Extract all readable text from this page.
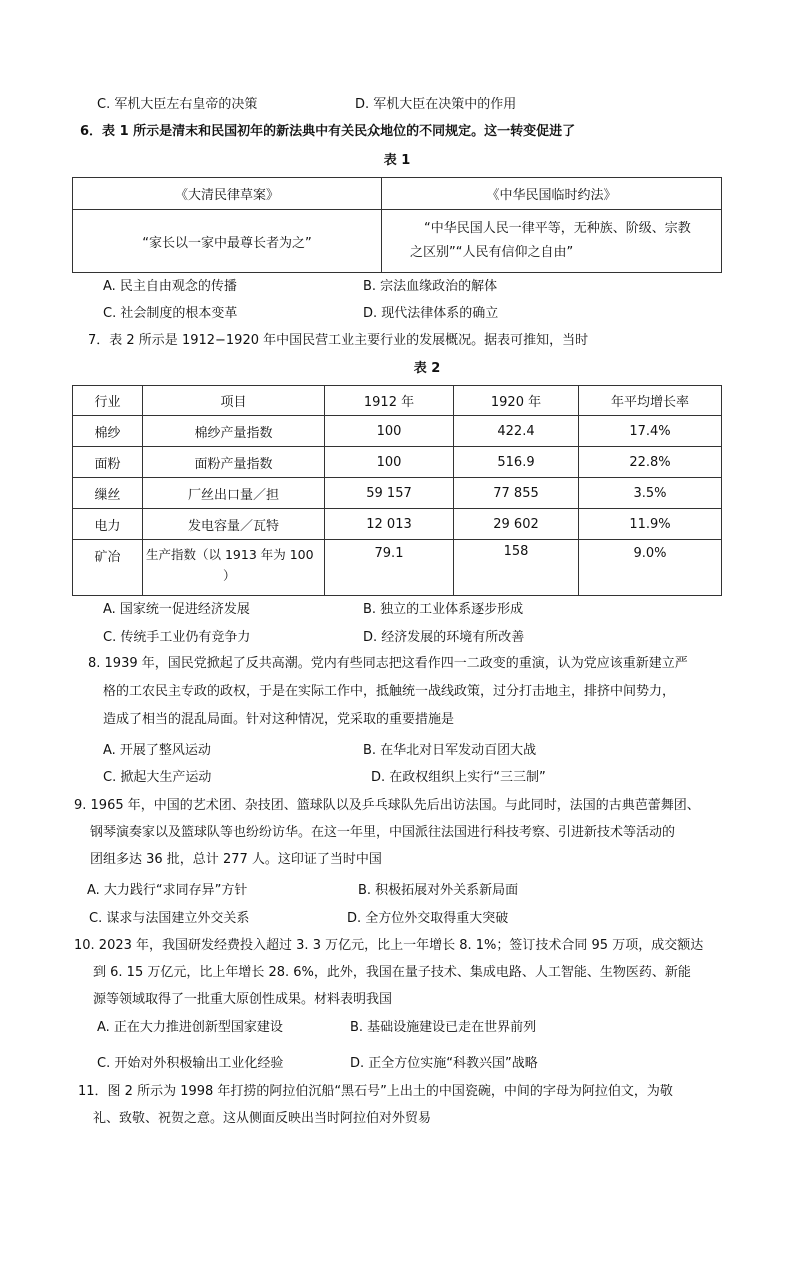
C. 军机大臣左右皇帝的决策	D. 军机大臣在决策中的作用
6．表 1 所示是清末和民国初年的新法典中有关民众地位的不同规定。这一转变促进了
表 1
《大清民律草案》	《中华民国临时约法》
“家长以一家中最尊长者为之”	“中华民国人民一律平等，无种族、阶级、宗教
之区别”“人民有信仰之自由”
A. 民主自由观念的传播	B. 宗法血缘政治的解体
C. 社会制度的根本变革	D. 现代法律体系的确立
7．表 2 所示是 1912−1920 年中国民营工业主要行业的发展概况。据表可推知，当时
表 2
行业	项目	1912 年	1920 年	年平均增长率
棉纱	棉纱产量指数	100	422.4	17.4%
面粉	面粉产量指数	100	516.9	22.8%
缫丝	厂丝出口量／担	59 157	77 855	3.5%
电力	发电容量／瓦特	12 013	29 602	11.9%
矿冶	生产指数（以 1913 年为 100
）	79.1	158	9.0%
A. 国家统一促进经济发展	B. 独立的工业体系逐步形成
C. 传统手工业仍有竞争力	D. 经济发展的环境有所改善
8. 1939 年，国民党掀起了反共高潮。党内有些同志把这看作四一二政变的重演，认为党应该重新建立严
格的工农民主专政的政权，于是在实际工作中，抵触统一战线政策，过分打击地主，排挤中间势力，
造成了相当的混乱局面。针对这种情况，党采取的重要措施是
A. 开展了整风运动	B. 在华北对日军发动百团大战
C. 掀起大生产运动	D. 在政权组织上实行“三三制”
9. 1965 年，中国的艺术团、杂技团、篮球队以及乒乓球队先后出访法国。与此同时，法国的古典芭蕾舞团、
钢琴演奏家以及篮球队等也纷纷访华。在这一年里，中国派往法国进行科技考察、引进新技术等活动的
团组多达 36 批，总计 277 人。这印证了当时中国
A. 大力践行“求同存异”方针	B. 积极拓展对外关系新局面
C. 谋求与法国建立外交关系	D. 全方位外交取得重大突破
10. 2023 年，我国研发经费投入超过 3. 3 万亿元，比上一年增长 8. 1%；签订技术合同 95 万项，成交额达
到 6. 15 万亿元，比上年增长 28. 6%，此外，我国在量子技术、集成电路、人工智能、生物医药、新能
源等领域取得了一批重大原创性成果。材料表明我国
A. 正在大力推进创新型国家建设	B. 基础设施建设已走在世界前列
C. 开始对外积极输出工业化经验	D. 正全方位实施“科教兴国”战略
11．图 2 所示为 1998 年打捞的阿拉伯沉船“黑石号”上出土的中国瓷碗，中间的字母为阿拉伯文，为敬
礼、致敬、祝贺之意。这从侧面反映出当时阿拉伯对外贸易
